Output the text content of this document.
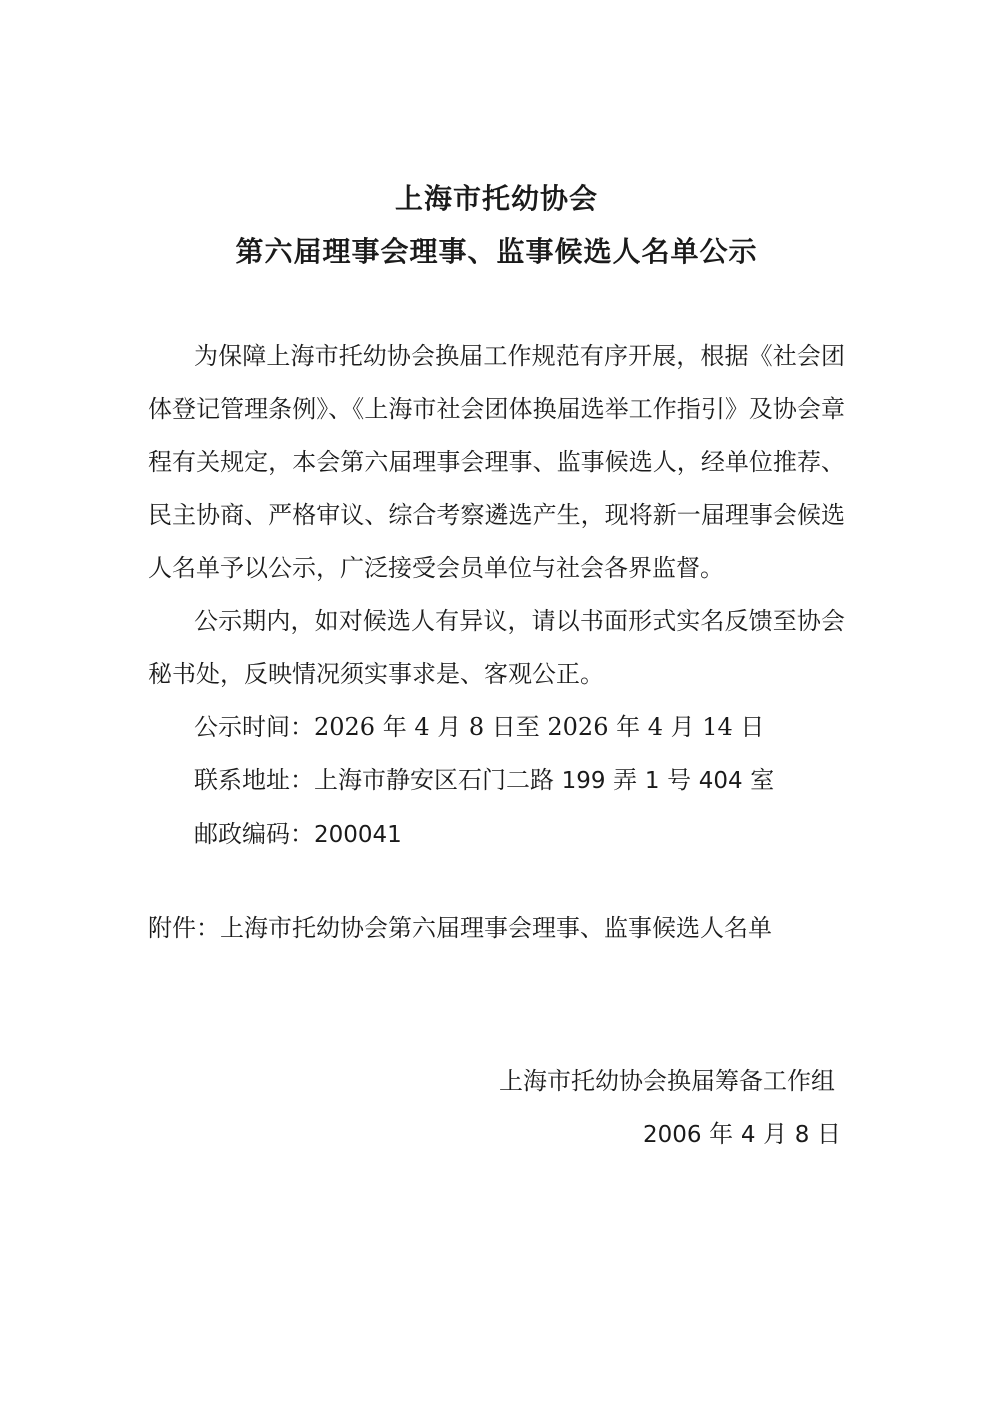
上海市托幼协会
第六届理事会理事、监事候选人名单公示

为保障上海市托幼协会换届工作规范有序开展，根据《社会团体登记管理条例》、《上海市社会团体换届选举工作指引》及协会章程有关规定，本会第六届理事会理事、监事候选人，经单位推荐、民主协商、严格审议、综合考察遴选产生，现将新一届理事会候选人名单予以公示，广泛接受会员单位与社会各界监督。

公示期内，如对候选人有异议，请以书面形式实名反馈至协会秘书处，反映情况须实事求是、客观公正。

公示时间：2026 年 4 月 8 日至 2026 年 4 月 14 日

联系地址：上海市静安区石门二路 199 弄 1 号 404 室

邮政编码：200041

附件：上海市托幼协会第六届理事会理事、监事候选人名单

上海市托幼协会换届筹备工作组

2006 年 4 月 8 日
